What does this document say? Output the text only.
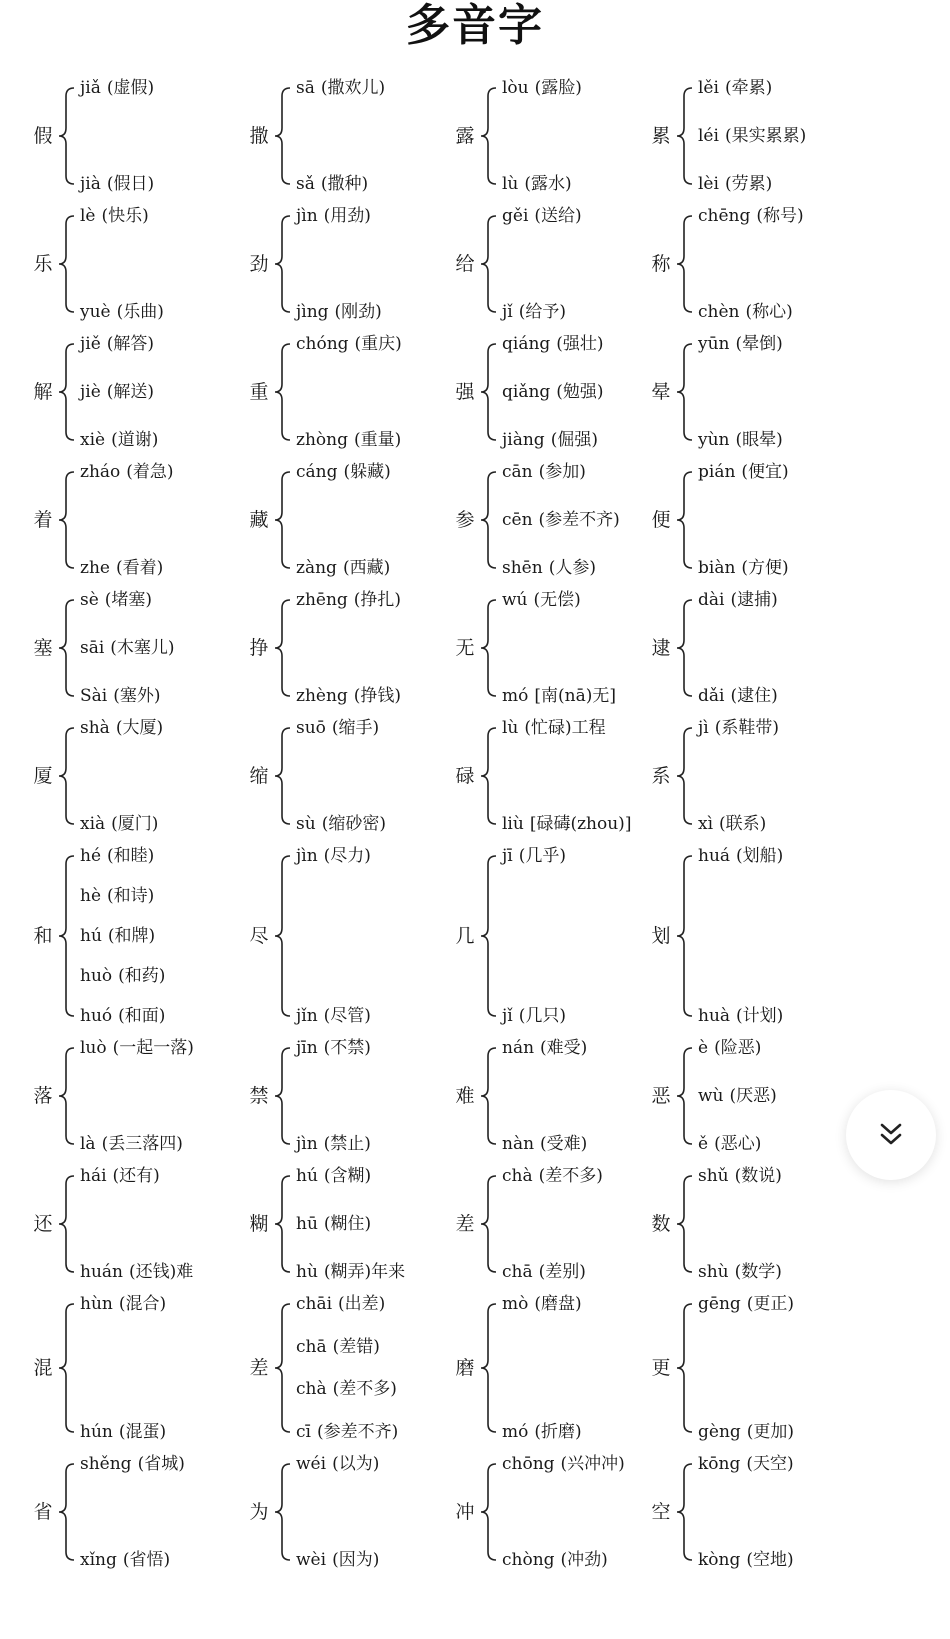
多音字
假
jiǎ (虚假)
jià (假日)
撒
sā (撒欢儿)
sǎ (撒种)
露
lòu (露脸)
lù (露水)
累
lěi (牵累)
léi (果实累累)
lèi (劳累)
乐
lè (快乐)
yuè (乐曲)
劲
jìn (用劲)
jìng (刚劲)
给
gěi (送给)
jǐ (给予)
称
chēng (称号)
chèn (称心)
解
jiě (解答)
jiè (解送)
xiè (道谢)
重
chóng (重庆)
zhòng (重量)
强
qiáng (强壮)
qiǎng (勉强)
jiàng (倔强)
晕
yūn (晕倒)
yùn (眼晕)
着
zháo (着急)
zhe (看着)
藏
cáng (躲藏)
zàng (西藏)
参
cān (参加)
cēn (参差不齐)
shēn (人参)
便
pián (便宜)
biàn (方便)
塞
sè (堵塞)
sāi (木塞儿)
Sài (塞外)
挣
zhēng (挣扎)
zhèng (挣钱)
无
wú (无偿)
mó [南(nā)无]
逮
dài (逮捕)
dǎi (逮住)
厦
shà (大厦)
xià (厦门)
缩
suō (缩手)
sù (缩砂密)
碌
lù (忙碌)工程
liù [碌碡(zhou)]
系
jì (系鞋带)
xì (联系)
和
hé (和睦)
hè (和诗)
hú (和牌)
huò (和药)
huó (和面)
尽
jìn (尽力)
jǐn (尽管)
几
jī (几乎)
jǐ (几只)
划
huá (划船)
huà (计划)
落
luò (一起一落)
là (丢三落四)
禁
jīn (不禁)
jìn (禁止)
难
nán (难受)
nàn (受难)
恶
è (险恶)
wù (厌恶)
ě (恶心)
还
hái (还有)
huán (还钱)难
糊
hú (含糊)
hū (糊住)
hù (糊弄)年来
差
chà (差不多)
chā (差别)
数
shǔ (数说)
shù (数学)
混
hùn (混合)
hún (混蛋)
差
chāi (出差)
chā (差错)
chà (差不多)
cī (参差不齐)
磨
mò (磨盘)
mó (折磨)
更
gēng (更正)
gèng (更加)
省
shěng (省城)
xǐng (省悟)
为
wéi (以为)
wèi (因为)
冲
chōng (兴冲冲)
chòng (冲劲)
空
kōng (天空)
kòng (空地)
